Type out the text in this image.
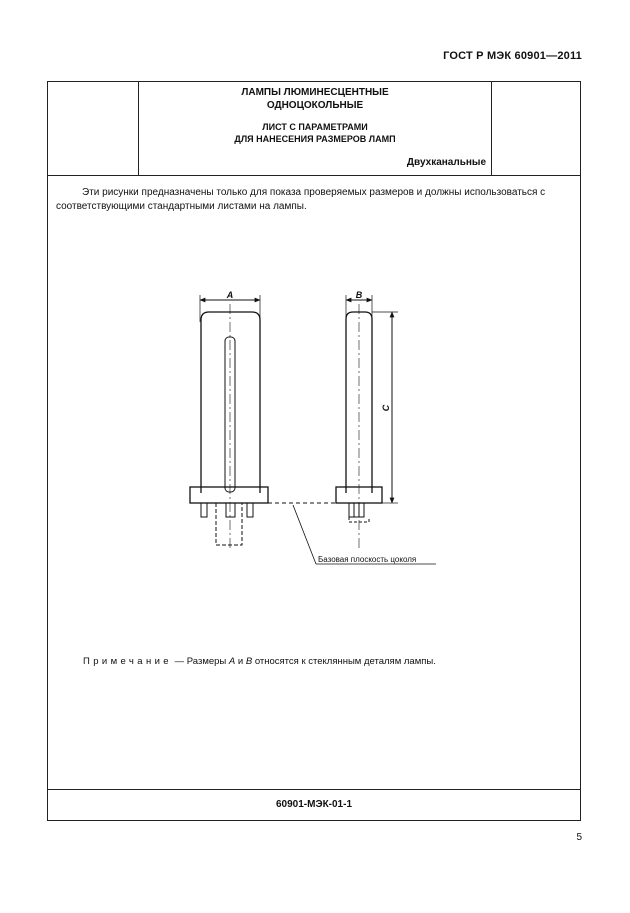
ГОСТ Р МЭК 60901—2011
ЛАМПЫ ЛЮМИНЕСЦЕНТНЫЕ
ОДНОЦОКОЛЬНЫЕ
ЛИСТ С ПАРАМЕТРАМИ
ДЛЯ НАНЕСЕНИЯ РАЗМЕРОВ ЛАМП
Двухканальные
Эти рисунки предназначены только для показа проверяемых размеров и должны использоваться с соответствующими стандартными листами на лампы.
A	B
C
Базовая плоскость цоколя
Примечание — Размеры A и B относятся к стеклянным деталям лампы.
60901-МЭК-01-1
5
